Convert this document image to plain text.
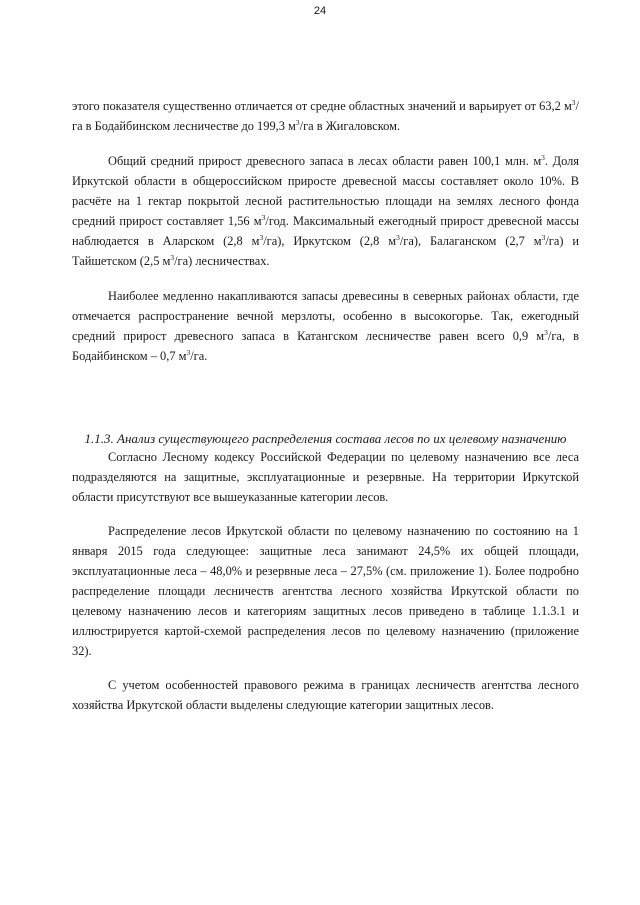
24

этого показателя существенно отличается от средне областных значений и варьирует от 63,2 $м^3/га$ в Бодайбинском лесничестве до 199,3 $м^3/га$ в Жигаловском.

Общий средний прирост древесного запаса в лесах области равен 100,1 млн. $м^3$. Доля Иркутской области в общероссийском приросте древесной массы составляет около 10%. В расчёте на 1 гектар покрытой лесной растительностью площади на землях лесного фонда средний прирост составляет 1,56 $м^3$/год. Максимальный ежегодный прирост древесной массы наблюдается в Аларском (2,8 $м^3/га$), Иркутском (2,8 $м^3/га$), Балаганском (2,7 $м^3/га$) и Тайшетском (2,5 $м^3/га$) лесничествах.

Наиболее медленно накапливаются запасы древесины в северных районах области, где отмечается распространение вечной мерзлоты, особенно в высокогорье. Так, ежегодный средний прирост древесного запаса в Катангском лесничестве равен всего 0,9 $м^3/га$, в Бодайбинском – 0,7 $м^3/га$.

1.1.3. Анализ существующего распределения состава лесов по их целевому назначению

Согласно Лесному кодексу Российской Федерации по целевому назначению все леса подразделяются на защитные, эксплуатационные и резервные. На территории Иркутской области присутствуют все вышеуказанные категории лесов.

Распределение лесов Иркутской области по целевому назначению по состоянию на 1 января 2015 года следующее: защитные леса занимают 24,5% их общей площади, эксплуатационные леса – 48,0% и резервные леса – 27,5% (см. приложение 1). Более подробно распределение площади лесничеств агентства лесного хозяйства Иркутской области по целевому назначению лесов и категориям защитных лесов приведено в таблице 1.1.3.1 и иллюстрируется картой-схемой распределения лесов по целевому назначению (приложение 32).

С учетом особенностей правового режима в границах лесничеств агентства лесного хозяйства Иркутской области выделены следующие категории защитных лесов.
